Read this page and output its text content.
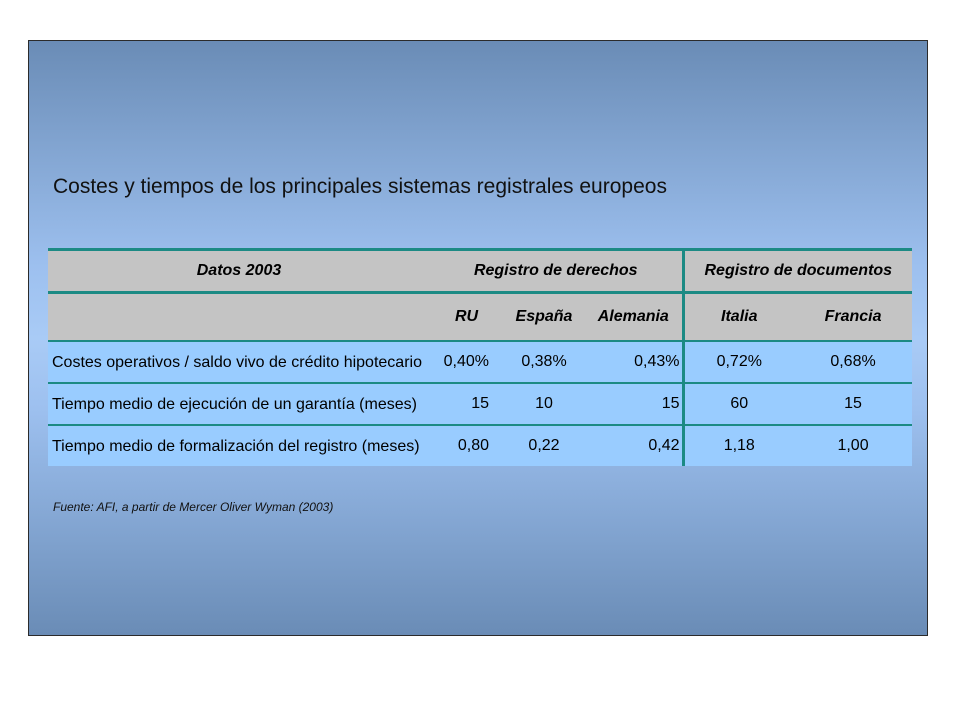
Costes y tiempos de los principales sistemas registrales europeos
Datos 2003	Registro de derechos			Registro de documentos	
	RU	España	Alemania	Italia	Francia
Costes operativos / saldo vivo de crédito hipotecario	0,40%	0,38%	0,43%	0,72%	0,68%
Tiempo medio de ejecución de un garantía (meses)	15	10	15	60	15
Tiempo medio de formalización del registro (meses)	0,80	0,22	0,42	1,18	1,00

Fuente: AFI, a partir de Mercer Oliver Wyman (2003)
